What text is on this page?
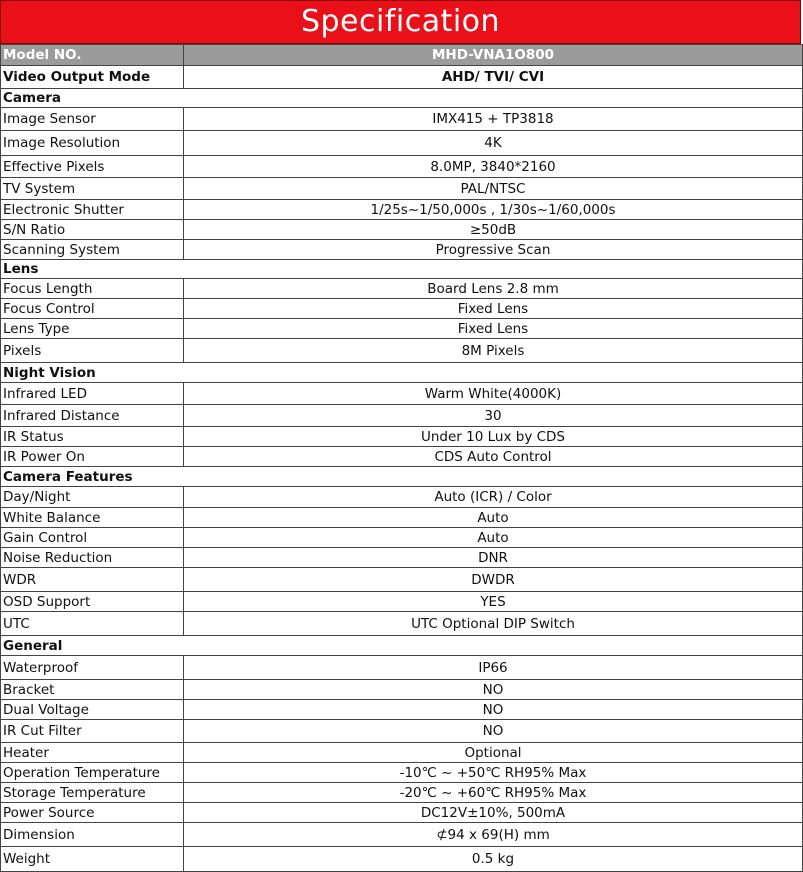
Specification
Model NO.	MHD-VNA1O800
Video Output Mode	AHD/ TVI/ CVI
Camera	
Image Sensor	IMX415 + TP3818
Image Resolution	4K
Effective Pixels	8.0MP, 3840*2160
TV System	PAL/NTSC
Electronic Shutter	1/25s~1/50,000s , 1/30s~1/60,000s
S/N Ratio	≥50dB
Scanning System	Progressive Scan
Lens	
Focus Length	Board Lens 2.8 mm
Focus Control	Fixed Lens
Lens Type	Fixed Lens
Pixels	8M Pixels
Night Vision	
Infrared LED	Warm White(4000K)
Infrared Distance	30
IR Status	Under 10 Lux by CDS
IR Power On	CDS Auto Control
Camera Features	
Day/Night	Auto (ICR) / Color
White Balance	Auto
Gain Control	Auto
Noise Reduction	DNR
WDR	DWDR
OSD Support	YES
UTC	UTC Optional DIP Switch
General	
Waterproof	IP66
Bracket	NO
Dual Voltage	NO
IR Cut Filter	NO
Heater	Optional
Operation Temperature	-10℃ ~ +50℃ RH95% Max
Storage Temperature	-20℃ ~ +60℃ RH95% Max
Power Source	DC12V±10%, 500mA
Dimension	⊄94 x 69(H) mm
Weight	0.5 kg
